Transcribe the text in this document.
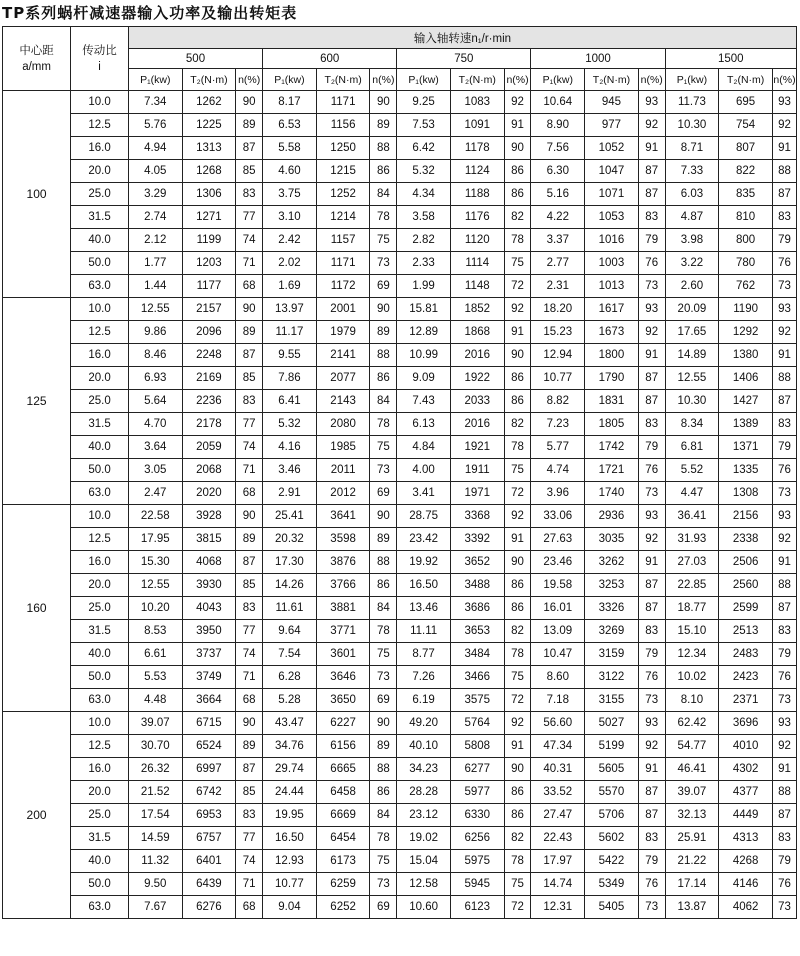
TP系列蜗杆减速器输入功率及输出转矩表
中心距
a/mm	传动比
i	输入轴转速n₁/r·min														
		500			600			750			1000			1500		
		P₁(kw)	T₂(N·m)	n(%)	P₁(kw)	T₂(N·m)	n(%)	P₁(kw)	T₂(N·m)	n(%)	P₁(kw)	T₂(N·m)	n(%)	P₁(kw)	T₂(N·m)	n(%)
100	10.0	7.34	1262	90	8.17	1171	90	9.25	1083	92	10.64	945	93	11.73	695	93
	12.5	5.76	1225	89	6.53	1156	89	7.53	1091	91	8.90	977	92	10.30	754	92
	16.0	4.94	1313	87	5.58	1250	88	6.42	1178	90	7.56	1052	91	8.71	807	91
	20.0	4.05	1268	85	4.60	1215	86	5.32	1124	86	6.30	1047	87	7.33	822	88
	25.0	3.29	1306	83	3.75	1252	84	4.34	1188	86	5.16	1071	87	6.03	835	87
	31.5	2.74	1271	77	3.10	1214	78	3.58	1176	82	4.22	1053	83	4.87	810	83
	40.0	2.12	1199	74	2.42	1157	75	2.82	1120	78	3.37	1016	79	3.98	800	79
	50.0	1.77	1203	71	2.02	1171	73	2.33	1114	75	2.77	1003	76	3.22	780	76
	63.0	1.44	1177	68	1.69	1172	69	1.99	1148	72	2.31	1013	73	2.60	762	73
125	10.0	12.55	2157	90	13.97	2001	90	15.81	1852	92	18.20	1617	93	20.09	1190	93
	12.5	9.86	2096	89	11.17	1979	89	12.89	1868	91	15.23	1673	92	17.65	1292	92
	16.0	8.46	2248	87	9.55	2141	88	10.99	2016	90	12.94	1800	91	14.89	1380	91
	20.0	6.93	2169	85	7.86	2077	86	9.09	1922	86	10.77	1790	87	12.55	1406	88
	25.0	5.64	2236	83	6.41	2143	84	7.43	2033	86	8.82	1831	87	10.30	1427	87
	31.5	4.70	2178	77	5.32	2080	78	6.13	2016	82	7.23	1805	83	8.34	1389	83
	40.0	3.64	2059	74	4.16	1985	75	4.84	1921	78	5.77	1742	79	6.81	1371	79
	50.0	3.05	2068	71	3.46	2011	73	4.00	1911	75	4.74	1721	76	5.52	1335	76
	63.0	2.47	2020	68	2.91	2012	69	3.41	1971	72	3.96	1740	73	4.47	1308	73
160	10.0	22.58	3928	90	25.41	3641	90	28.75	3368	92	33.06	2936	93	36.41	2156	93
	12.5	17.95	3815	89	20.32	3598	89	23.42	3392	91	27.63	3035	92	31.93	2338	92
	16.0	15.30	4068	87	17.30	3876	88	19.92	3652	90	23.46	3262	91	27.03	2506	91
	20.0	12.55	3930	85	14.26	3766	86	16.50	3488	86	19.58	3253	87	22.85	2560	88
	25.0	10.20	4043	83	11.61	3881	84	13.46	3686	86	16.01	3326	87	18.77	2599	87
	31.5	8.53	3950	77	9.64	3771	78	11.11	3653	82	13.09	3269	83	15.10	2513	83
	40.0	6.61	3737	74	7.54	3601	75	8.77	3484	78	10.47	3159	79	12.34	2483	79
	50.0	5.53	3749	71	6.28	3646	73	7.26	3466	75	8.60	3122	76	10.02	2423	76
	63.0	4.48	3664	68	5.28	3650	69	6.19	3575	72	7.18	3155	73	8.10	2371	73
200	10.0	39.07	6715	90	43.47	6227	90	49.20	5764	92	56.60	5027	93	62.42	3696	93
	12.5	30.70	6524	89	34.76	6156	89	40.10	5808	91	47.34	5199	92	54.77	4010	92
	16.0	26.32	6997	87	29.74	6665	88	34.23	6277	90	40.31	5605	91	46.41	4302	91
	20.0	21.52	6742	85	24.44	6458	86	28.28	5977	86	33.52	5570	87	39.07	4377	88
	25.0	17.54	6953	83	19.95	6669	84	23.12	6330	86	27.47	5706	87	32.13	4449	87
	31.5	14.59	6757	77	16.50	6454	78	19.02	6256	82	22.43	5602	83	25.91	4313	83
	40.0	11.32	6401	74	12.93	6173	75	15.04	5975	78	17.97	5422	79	21.22	4268	79
	50.0	9.50	6439	71	10.77	6259	73	12.58	5945	75	14.74	5349	76	17.14	4146	76
	63.0	7.67	6276	68	9.04	6252	69	10.60	6123	72	12.31	5405	73	13.87	4062	73
